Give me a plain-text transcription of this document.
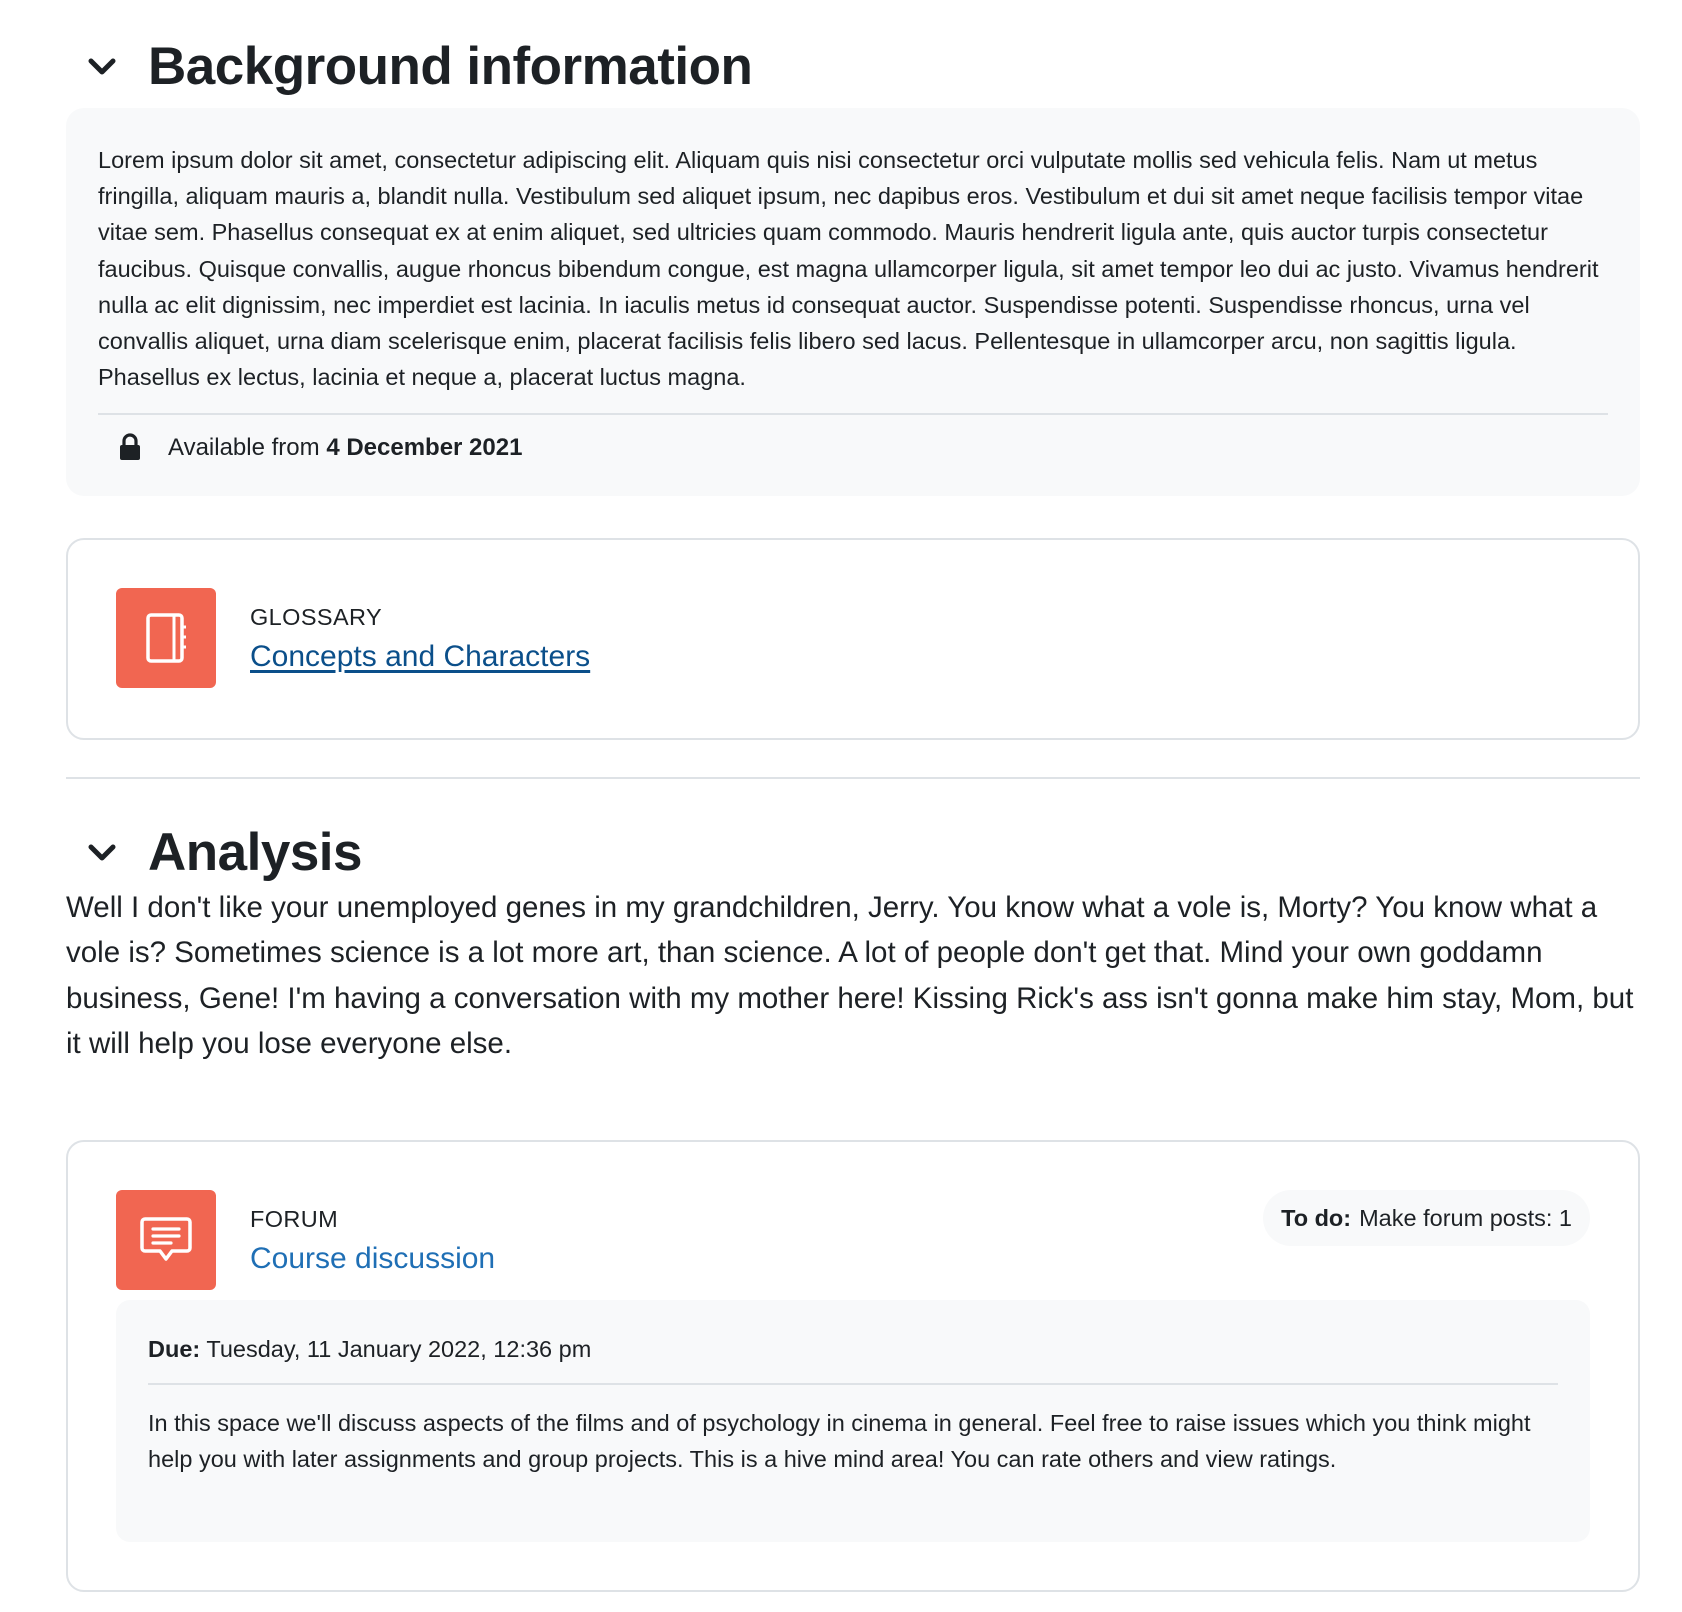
Background information

Lorem ipsum dolor sit amet, consectetur adipiscing elit. Aliquam quis nisi consectetur orci vulputate mollis sed vehicula felis. Nam ut metus fringilla, aliquam mauris a, blandit nulla. Vestibulum sed aliquet ipsum, nec dapibus eros. Vestibulum et dui sit amet neque facilisis tempor vitae vitae sem. Phasellus consequat ex at enim aliquet, sed ultricies quam commodo. Mauris hendrerit ligula ante, quis auctor turpis consectetur faucibus. Quisque convallis, augue rhoncus bibendum congue, est magna ullamcorper ligula, sit amet tempor leo dui ac justo. Vivamus hendrerit nulla ac elit dignissim, nec imperdiet est lacinia. In iaculis metus id consequat auctor. Suspendisse potenti. Suspendisse rhoncus, urna vel convallis aliquet, urna diam scelerisque enim, placerat facilisis felis libero sed lacus. Pellentesque in ullamcorper arcu, non sagittis ligula. Phasellus ex lectus, lacinia et neque a, placerat luctus magna.

Available from
4 December 2021
GLOSSARY
Concepts and Characters
Analysis

Well I don't like your unemployed genes in my grandchildren, Jerry. You know what a vole is, Morty? You know what a vole is? Sometimes science is a lot more art, than science. A lot of people don't get that. Mind your own goddamn business, Gene! I'm having a conversation with my mother here! Kissing Rick's ass isn't gonna make him stay, Mom, but it will help you lose everyone else.

FORUM
Course discussion
To do: Make forum posts: 1
Due: Tuesday, 11 January 2022, 12:36 pm

In this space we'll discuss aspects of the films and of psychology in cinema in general. Feel free to raise issues which you think might help you with later assignments and group projects. This is a hive mind area! You can rate others and view ratings.
